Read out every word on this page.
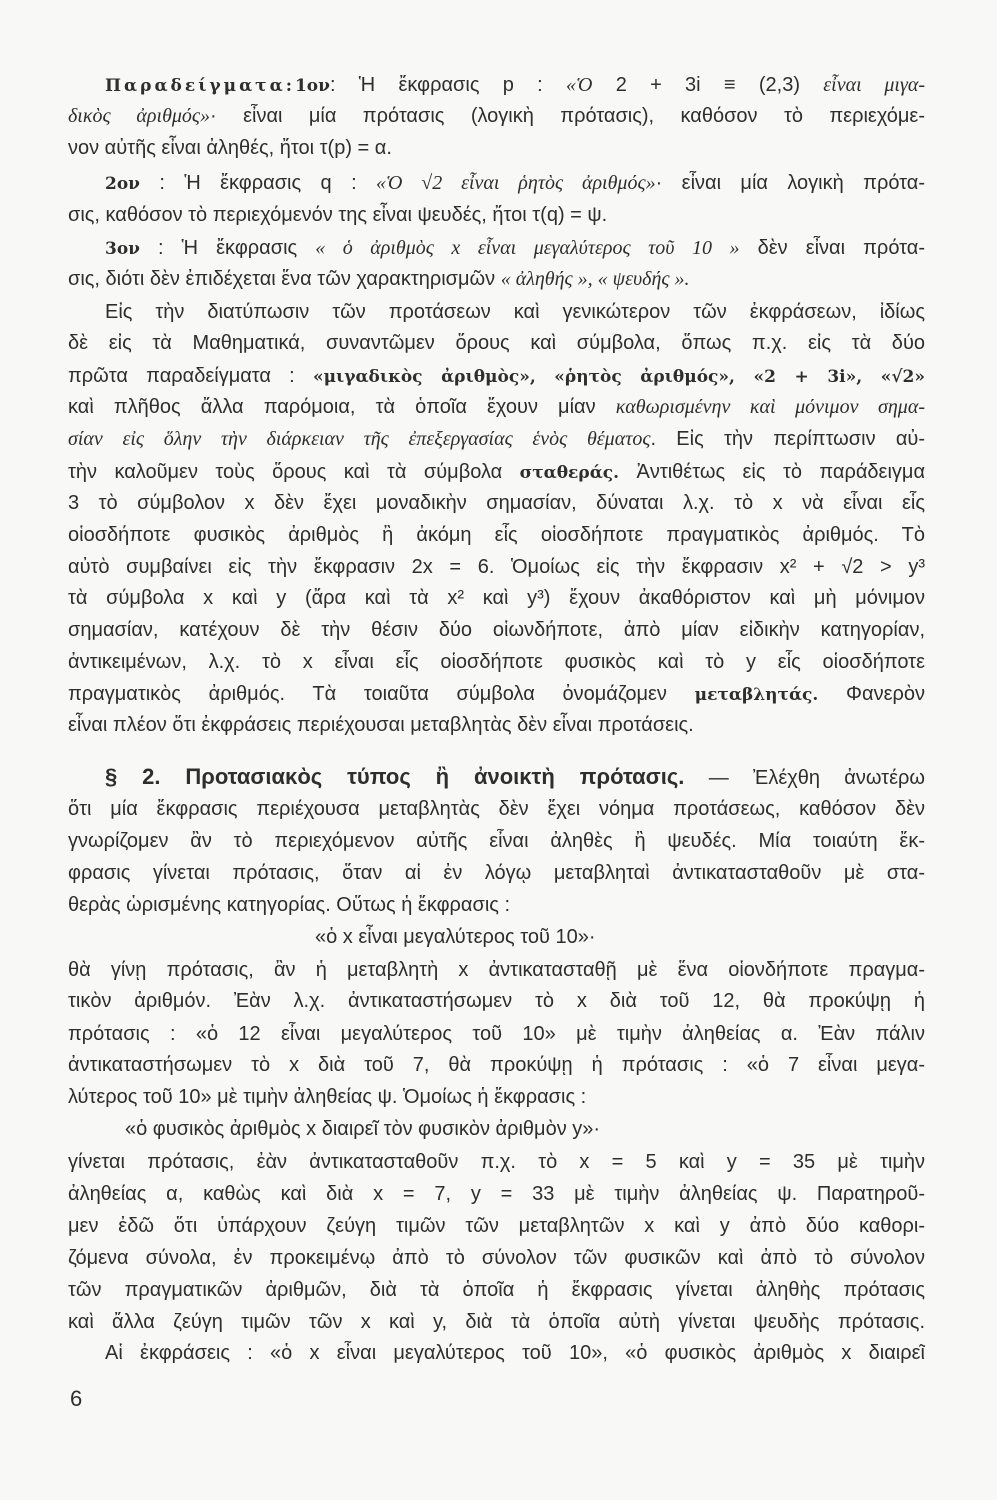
Παραδείγματα:1ον: Ἡ ἔκφρασις p : «Ὁ 2 + 3i ≡ (2,3) εἶναι μιγα-
δικὸς ἀριθμός»· εἶναι μία πρότασις (λογικὴ πρότασις), καθόσον τὸ περιεχόμε-
νον αὐτῆς εἶναι ἀληθές, ἤτοι τ(p) = α.
2ον : Ἡ ἔκφρασις q : «Ὁ √2 εἶναι ῥητὸς ἀριθμός»· εἶναι μία λογικὴ πρότα-
σις, καθόσον τὸ περιεχόμενόν της εἶναι ψευδές, ἤτοι τ(q) = ψ.
3ον : Ἡ ἔκφρασις « ὁ ἀριθμὸς x εἶναι μεγαλύτερος τοῦ 10 » δὲν εἶναι πρότα-
σις, διότι δὲν ἐπιδέχεται ἕνα τῶν χαρακτηρισμῶν « ἀληθής », « ψευδής ».
Εἰς τὴν διατύπωσιν τῶν προτάσεων καὶ γενικώτερον τῶν ἐκφράσεων, ἰδίως
δὲ εἰς τὰ Μαθηματικά, συναντῶμεν ὅρους καὶ σύμβολα, ὅπως π.χ. εἰς τὰ δύο
πρῶτα παραδείγματα : «μιγαδικὸς ἀριθμὸς», «ῥητὸς ἀριθμός», «2 + 3i», «√2»
καὶ πλῆθος ἄλλα παρόμοια, τὰ ὁποῖα ἔχουν μίαν καθωρισμένην καὶ μόνιμον σημα-
σίαν εἰς ὅλην τὴν διάρκειαν τῆς ἐπεξεργασίας ἑνὸς θέματος. Εἰς τὴν περίπτωσιν αὐ-
τὴν καλοῦμεν τοὺς ὅρους καὶ τὰ σύμβολα σταθεράς. Ἀντιθέτως εἰς τὸ παράδειγμα
3 τὸ σύμβολον x δὲν ἔχει μοναδικὴν σημασίαν, δύναται λ.χ. τὸ x νὰ εἶναι εἷς
οἱοσδήποτε φυσικὸς ἀριθμὸς ἢ ἀκόμη εἷς οἱοσδήποτε πραγματικὸς ἀριθμός. Τὸ
αὐτὸ συμβαίνει εἰς τὴν ἔκφρασιν 2x = 6. Ὁμοίως εἰς τὴν ἔκφρασιν x² + √2 > y³
τὰ σύμβολα x καὶ y (ἄρα καὶ τὰ x² καὶ y³) ἔχουν ἀκαθόριστον καὶ μὴ μόνιμον
σημασίαν, κατέχουν δὲ τὴν θέσιν δύο οἱωνδήποτε, ἀπὸ μίαν εἰδικὴν κατηγορίαν,
ἀντικειμένων, λ.χ. τὸ x εἶναι εἷς οἱοσδήποτε φυσικὸς καὶ τὸ y εἷς οἱοσδήποτε
πραγματικὸς ἀριθμός. Τὰ τοιαῦτα σύμβολα ὀνομάζομεν μεταβλητάς. Φανερὸν
εἶναι πλέον ὅτι ἐκφράσεις περιέχουσαι μεταβλητὰς δὲν εἶναι προτάσεις.
§ 2. Προτασιακὸς τύπος ἢ ἀνοικτὴ πρότασις. — Ἐλέχθη ἀνωτέρω
ὅτι μία ἔκφρασις περιέχουσα μεταβλητὰς δὲν ἔχει νόημα προτάσεως, καθόσον δὲν
γνωρίζομεν ἂν τὸ περιεχόμενον αὐτῆς εἶναι ἀληθὲς ἢ ψευδές. Μία τοιαύτη ἔκ-
φρασις γίνεται πρότασις, ὅταν αἱ ἐν λόγῳ μεταβληταὶ ἀντικατασταθοῦν μὲ στα-
θερὰς ὡρισμένης κατηγορίας. Οὕτως ἡ ἔκφρασις :
«ὁ x εἶναι μεγαλύτερος τοῦ 10»·
θὰ γίνῃ πρότασις, ἂν ἡ μεταβλητὴ x ἀντικατασταθῇ μὲ ἕνα οἱονδήποτε πραγμα-
τικὸν ἀριθμόν. Ἐὰν λ.χ. ἀντικαταστήσωμεν τὸ x διὰ τοῦ 12, θὰ προκύψῃ ἡ
πρότασις : «ὁ 12 εἶναι μεγαλύτερος τοῦ 10» μὲ τιμὴν ἀληθείας α. Ἐὰν πάλιν
ἀντικαταστήσωμεν τὸ x διὰ τοῦ 7, θὰ προκύψῃ ἡ πρότασις : «ὁ 7 εἶναι μεγα-
λύτερος τοῦ 10» μὲ τιμὴν ἀληθείας ψ. Ὁμοίως ἡ ἔκφρασις :
«ὁ φυσικὸς ἀριθμὸς x διαιρεῖ τὸν φυσικὸν ἀριθμὸν y»·
γίνεται πρότασις, ἐὰν ἀντικατασταθοῦν π.χ. τὸ x = 5 καὶ y = 35 μὲ τιμὴν
ἀληθείας α, καθὼς καὶ διὰ x = 7, y = 33 μὲ τιμὴν ἀληθείας ψ. Παρατηροῦ-
μεν ἐδῶ ὅτι ὑπάρχουν ζεύγη τιμῶν τῶν μεταβλητῶν x καὶ y ἀπὸ δύο καθορι-
ζόμενα σύνολα, ἐν προκειμένῳ ἀπὸ τὸ σύνολον τῶν φυσικῶν καὶ ἀπὸ τὸ σύνολον
τῶν πραγματικῶν ἀριθμῶν, διὰ τὰ ὁποῖα ἡ ἔκφρασις γίνεται ἀληθὴς πρότασις
καὶ ἄλλα ζεύγη τιμῶν τῶν x καὶ y, διὰ τὰ ὁποῖα αὐτὴ γίνεται ψευδὴς πρότασις.
Αἱ ἐκφράσεις : «ὁ x εἶναι μεγαλύτερος τοῦ 10», «ὁ φυσικὸς ἀριθμὸς x διαιρεῖ
6
